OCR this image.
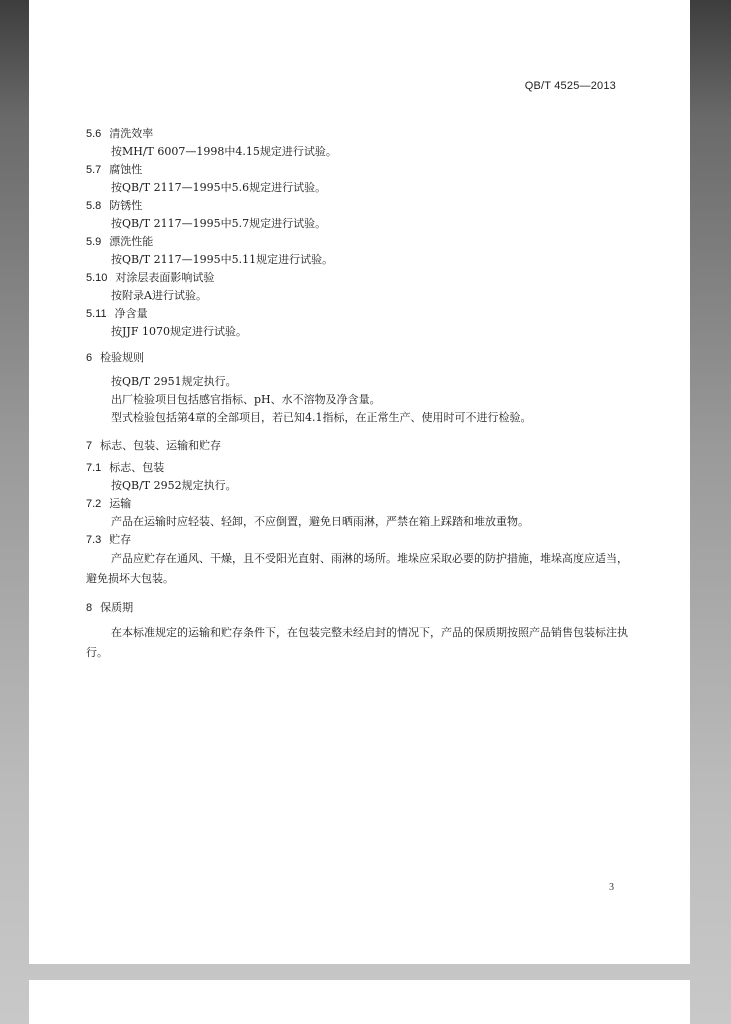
QB/T 4525—2013
5.6 清洗效率
按MH/T 6007—1998中4.15规定进行试验。
5.7 腐蚀性
按QB/T 2117—1995中5.6规定进行试验。
5.8 防锈性
按QB/T 2117—1995中5.7规定进行试验。
5.9 漂洗性能
按QB/T 2117—1995中5.11规定进行试验。
5.10 对涂层表面影响试验
按附录A进行试验。
5.11 净含量
按JJF 1070规定进行试验。
6 检验规则
按QB/T 2951规定执行。
出厂检验项目包括感官指标、pH、水不溶物及净含量。
型式检验包括第4章的全部项目，若已知4.1指标，在正常生产、使用时可不进行检验。
7 标志、包装、运输和贮存
7.1 标志、包装
按QB/T 2952规定执行。
7.2 运输
产品在运输时应轻装、轻卸，不应倒置，避免日晒雨淋，严禁在箱上踩踏和堆放重物。
7.3 贮存
产品应贮存在通风、干燥，且不受阳光直射、雨淋的场所。堆垛应采取必要的防护措施，堆垛高度应适当，避免损坏大包装。
8 保质期
在本标准规定的运输和贮存条件下，在包装完整未经启封的情况下，产品的保质期按照产品销售包装标注执行。
3
